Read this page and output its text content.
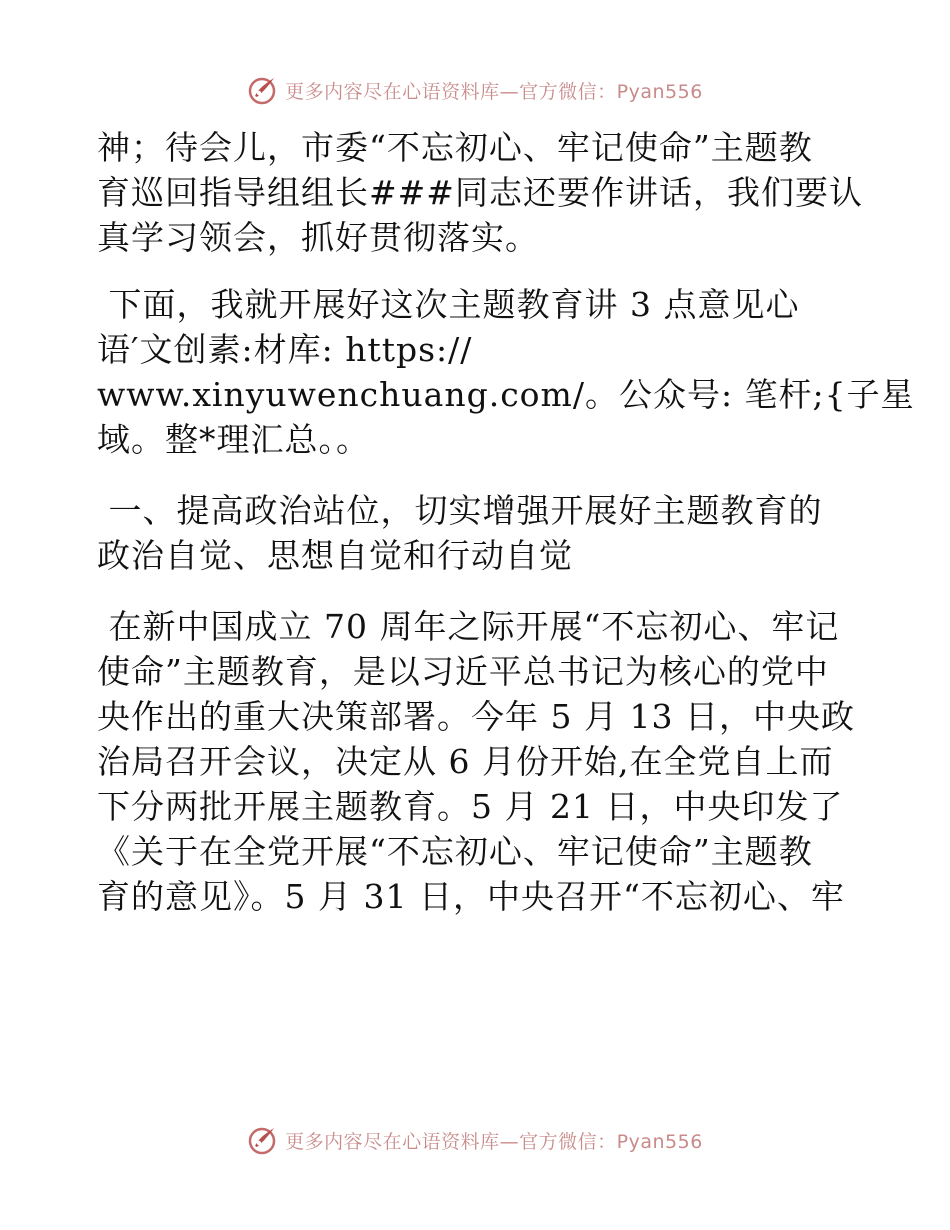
更多内容尽在心语资料库—官方微信：Pyan556

神；待会儿，市委“不忘初心、牢记使命”主题教

育巡回指导组组长###同志还要作讲话，我们要认

真学习领会，抓好贯彻落实。

下面，我就开展好这次主题教育讲 3 点意见心

语′文创素:材库: https://

www.xinyuwenchuang.com/。公众号: 笔杆;{子星

域。整*理汇总。。

一、提高政治站位，切实增强开展好主题教育的

政治自觉、思想自觉和行动自觉

在新中国成立 70 周年之际开展“不忘初心、牢记

使命”主题教育，是以习近平总书记为核心的党中

央作出的重大决策部署。今年 5 月 13 日，中央政

治局召开会议，决定从 6 月份开始,在全党自上而

下分两批开展主题教育。5 月 21 日，中央印发了

《关于在全党开展“不忘初心、牢记使命”主题教

育的意见》。5 月 31 日，中央召开“不忘初心、牢

更多内容尽在心语资料库—官方微信：Pyan556
